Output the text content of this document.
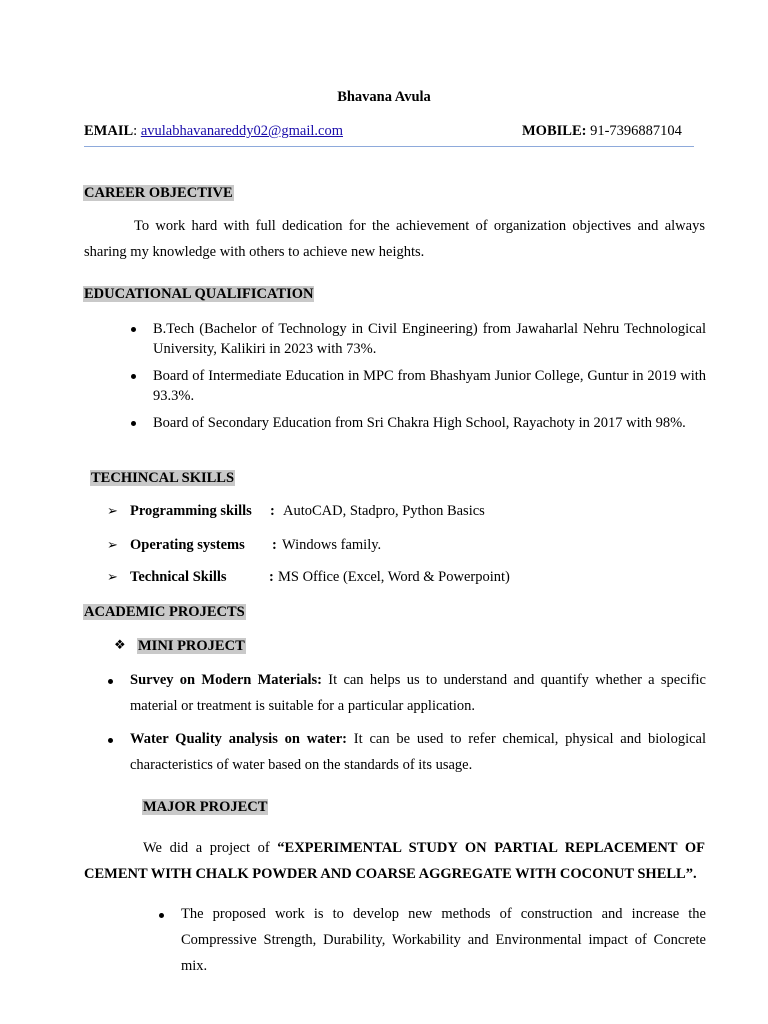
Bhavana Avula
EMAIL: avulabhavanareddy02@gmail.com	MOBILE: 91-7396887104
CAREER OBJECTIVE
To work hard with full dedication for the achievement of organization objectives and always sharing my knowledge with others to achieve new heights.
EDUCATIONAL QUALIFICATION
B.Tech (Bachelor of Technology in Civil Engineering) from Jawaharlal Nehru Technological University, Kalikiri in 2023 with 73%.
Board of Intermediate Education in MPC from Bhashyam Junior College, Guntur in 2019 with 93.3%.
Board of Secondary Education from Sri Chakra High School, Rayachoty in 2017 with 98%.
TECHINCAL SKILLS
➢ Programming skills : AutoCAD, Stadpro, Python Basics
➢ Operating systems : Windows family.
➢ Technical Skills	: MS Office (Excel, Word & Powerpoint)
ACADEMIC PROJECTS
❖ MINI PROJECT
Survey on Modern Materials: It can helps us to understand and quantify whether a specific material or treatment is suitable for a particular application.
Water Quality analysis on water: It can be used to refer chemical, physical and biological characteristics of water based on the standards of its usage.
MAJOR PROJECT
We did a project of “EXPERIMENTAL STUDY ON PARTIAL REPLACEMENT OF CEMENT WITH CHALK POWDER AND COARSE AGGREGATE WITH COCONUT SHELL”.
The proposed work is to develop new methods of construction and increase the Compressive Strength, Durability, Workability and Environmental impact of Concrete mix.
